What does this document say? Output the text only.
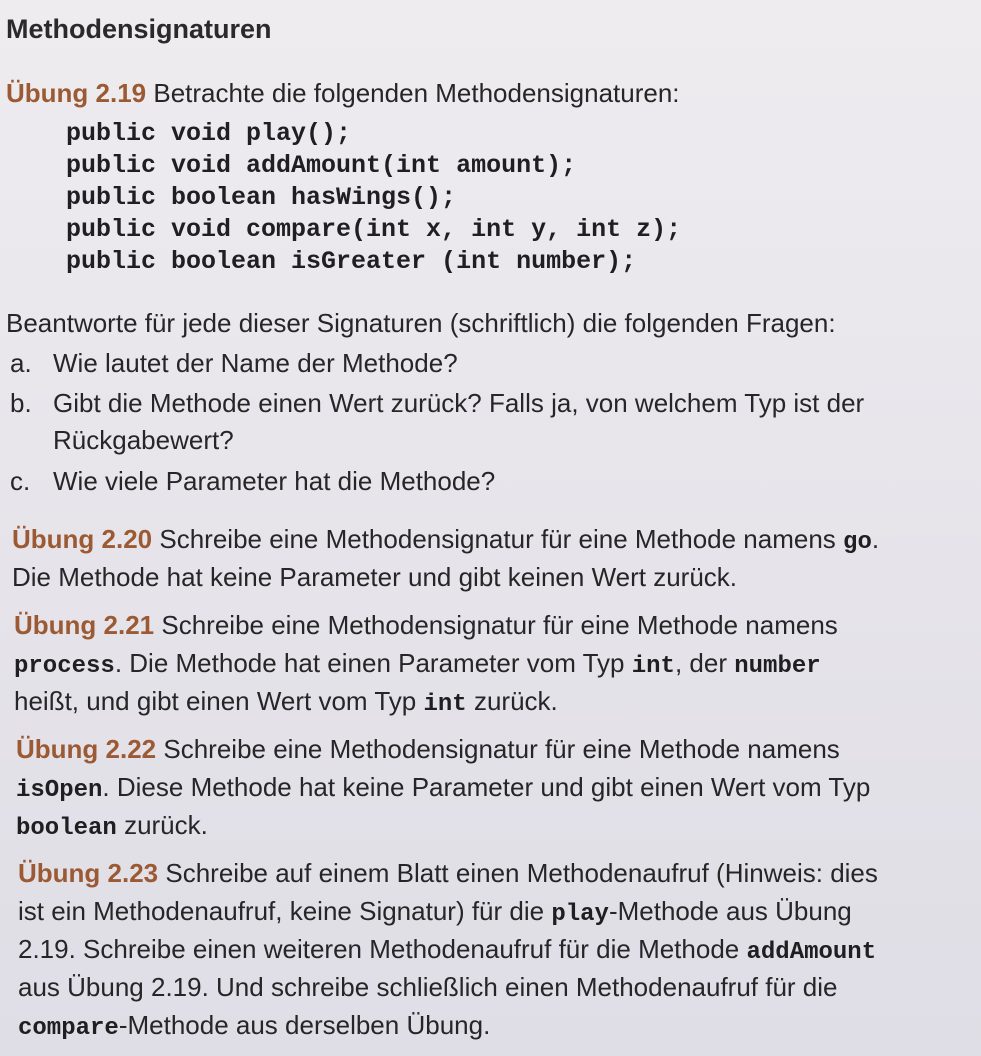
Methodensignaturen

Übung 2.19 Betrachte die folgenden Methodensignaturen:

public void play();
public void addAmount(int amount);
public boolean hasWings();
public void compare(int x, int y, int z);
public boolean isGreater (int number);

Beantworte für jede dieser Signaturen (schriftlich) die folgenden Fragen:

a. Wie lautet der Name der Methode?
b. Gibt die Methode einen Wert zurück? Falls ja, von welchem Typ ist der
Rückgabewert?
c. Wie viele Parameter hat die Methode?

Übung 2.20 Schreibe eine Methodensignatur für eine Methode namens go.

Die Methode hat keine Parameter und gibt keinen Wert zurück.

Übung 2.21 Schreibe eine Methodensignatur für eine Methode namens

process. Die Methode hat einen Parameter vom Typ int, der number

heißt, und gibt einen Wert vom Typ int zurück.

Übung 2.22 Schreibe eine Methodensignatur für eine Methode namens

isOpen. Diese Methode hat keine Parameter und gibt einen Wert vom Typ

boolean zurück.

Übung 2.23 Schreibe auf einem Blatt einen Methodenaufruf (Hinweis: dies

ist ein Methodenaufruf, keine Signatur) für die play-Methode aus Übung

2.19. Schreibe einen weiteren Methodenaufruf für die Methode addAmount

aus Übung 2.19. Und schreibe schließlich einen Methodenaufruf für die

compare-Methode aus derselben Übung.
